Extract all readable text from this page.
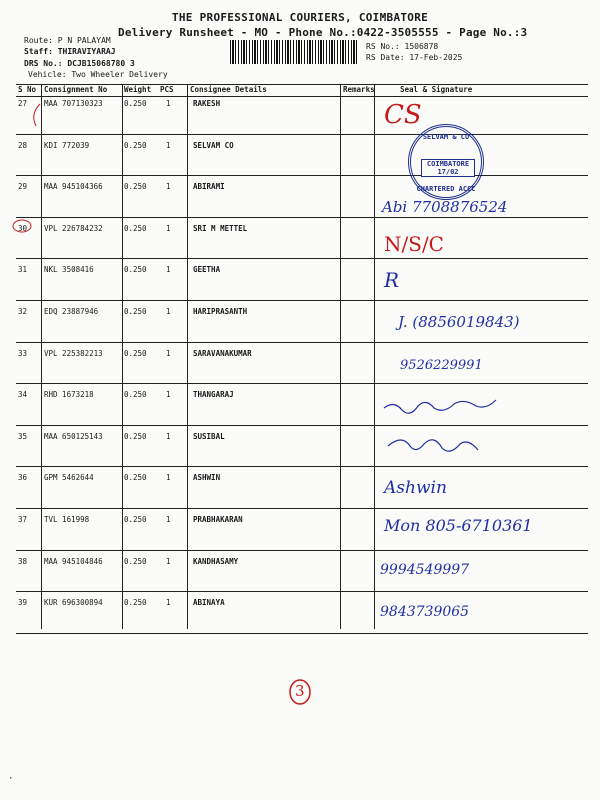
THE PROFESSIONAL COURIERS, COIMBATORE
Delivery Runsheet - MO - Phone No.:0422-3505555 - Page No.:3
Route: P N PALAYAM
Staff: THIRAVIYARAJ
DRS No.: DCJB15068780 3
Vehicle: Two Wheeler Delivery
RS No.: 1506878
RS Date: 17-Feb-2025
S No Consignment No Weight PCS Consignee Details	Remarks	Seal & Signature
27 MAA 707130323	0.250	1	RAKESH
28 KDI 772039	0.250	1	SELVAM CO
29 MAA 945104366	0.250	1	ABIRAMI
30 VPL 226784232	0.250	1	SRI M METTEL
31 NKL 3508416	0.250	1	GEETHA
32 EDQ 23887946	0.250	1	HARIPRASANTH
33 VPL 225382213	0.250	1	SARAVANAKUMAR
34 RHD 1673218	0.250	1	THANGARAJ
35 MAA 650125143	0.250	1	SUSIBAL
36 GPM 5462644	0.250	1	ASHWIN
37 TVL 161998	0.250	1	PRABHAKARAN
38 MAA 945104846	0.250	1	KANDHASAMY
39 KUR 696300894	0.250	1	ABINAYA
CS
SELVAM & CO
COIMBATORE 17/02
CHARTERED ACCC
Abi 7708876524
N/S/C
R
J. (8856019843)
9526229991
Ashwin
Mon 805-6710361
9994549997
9843739065
3
·
